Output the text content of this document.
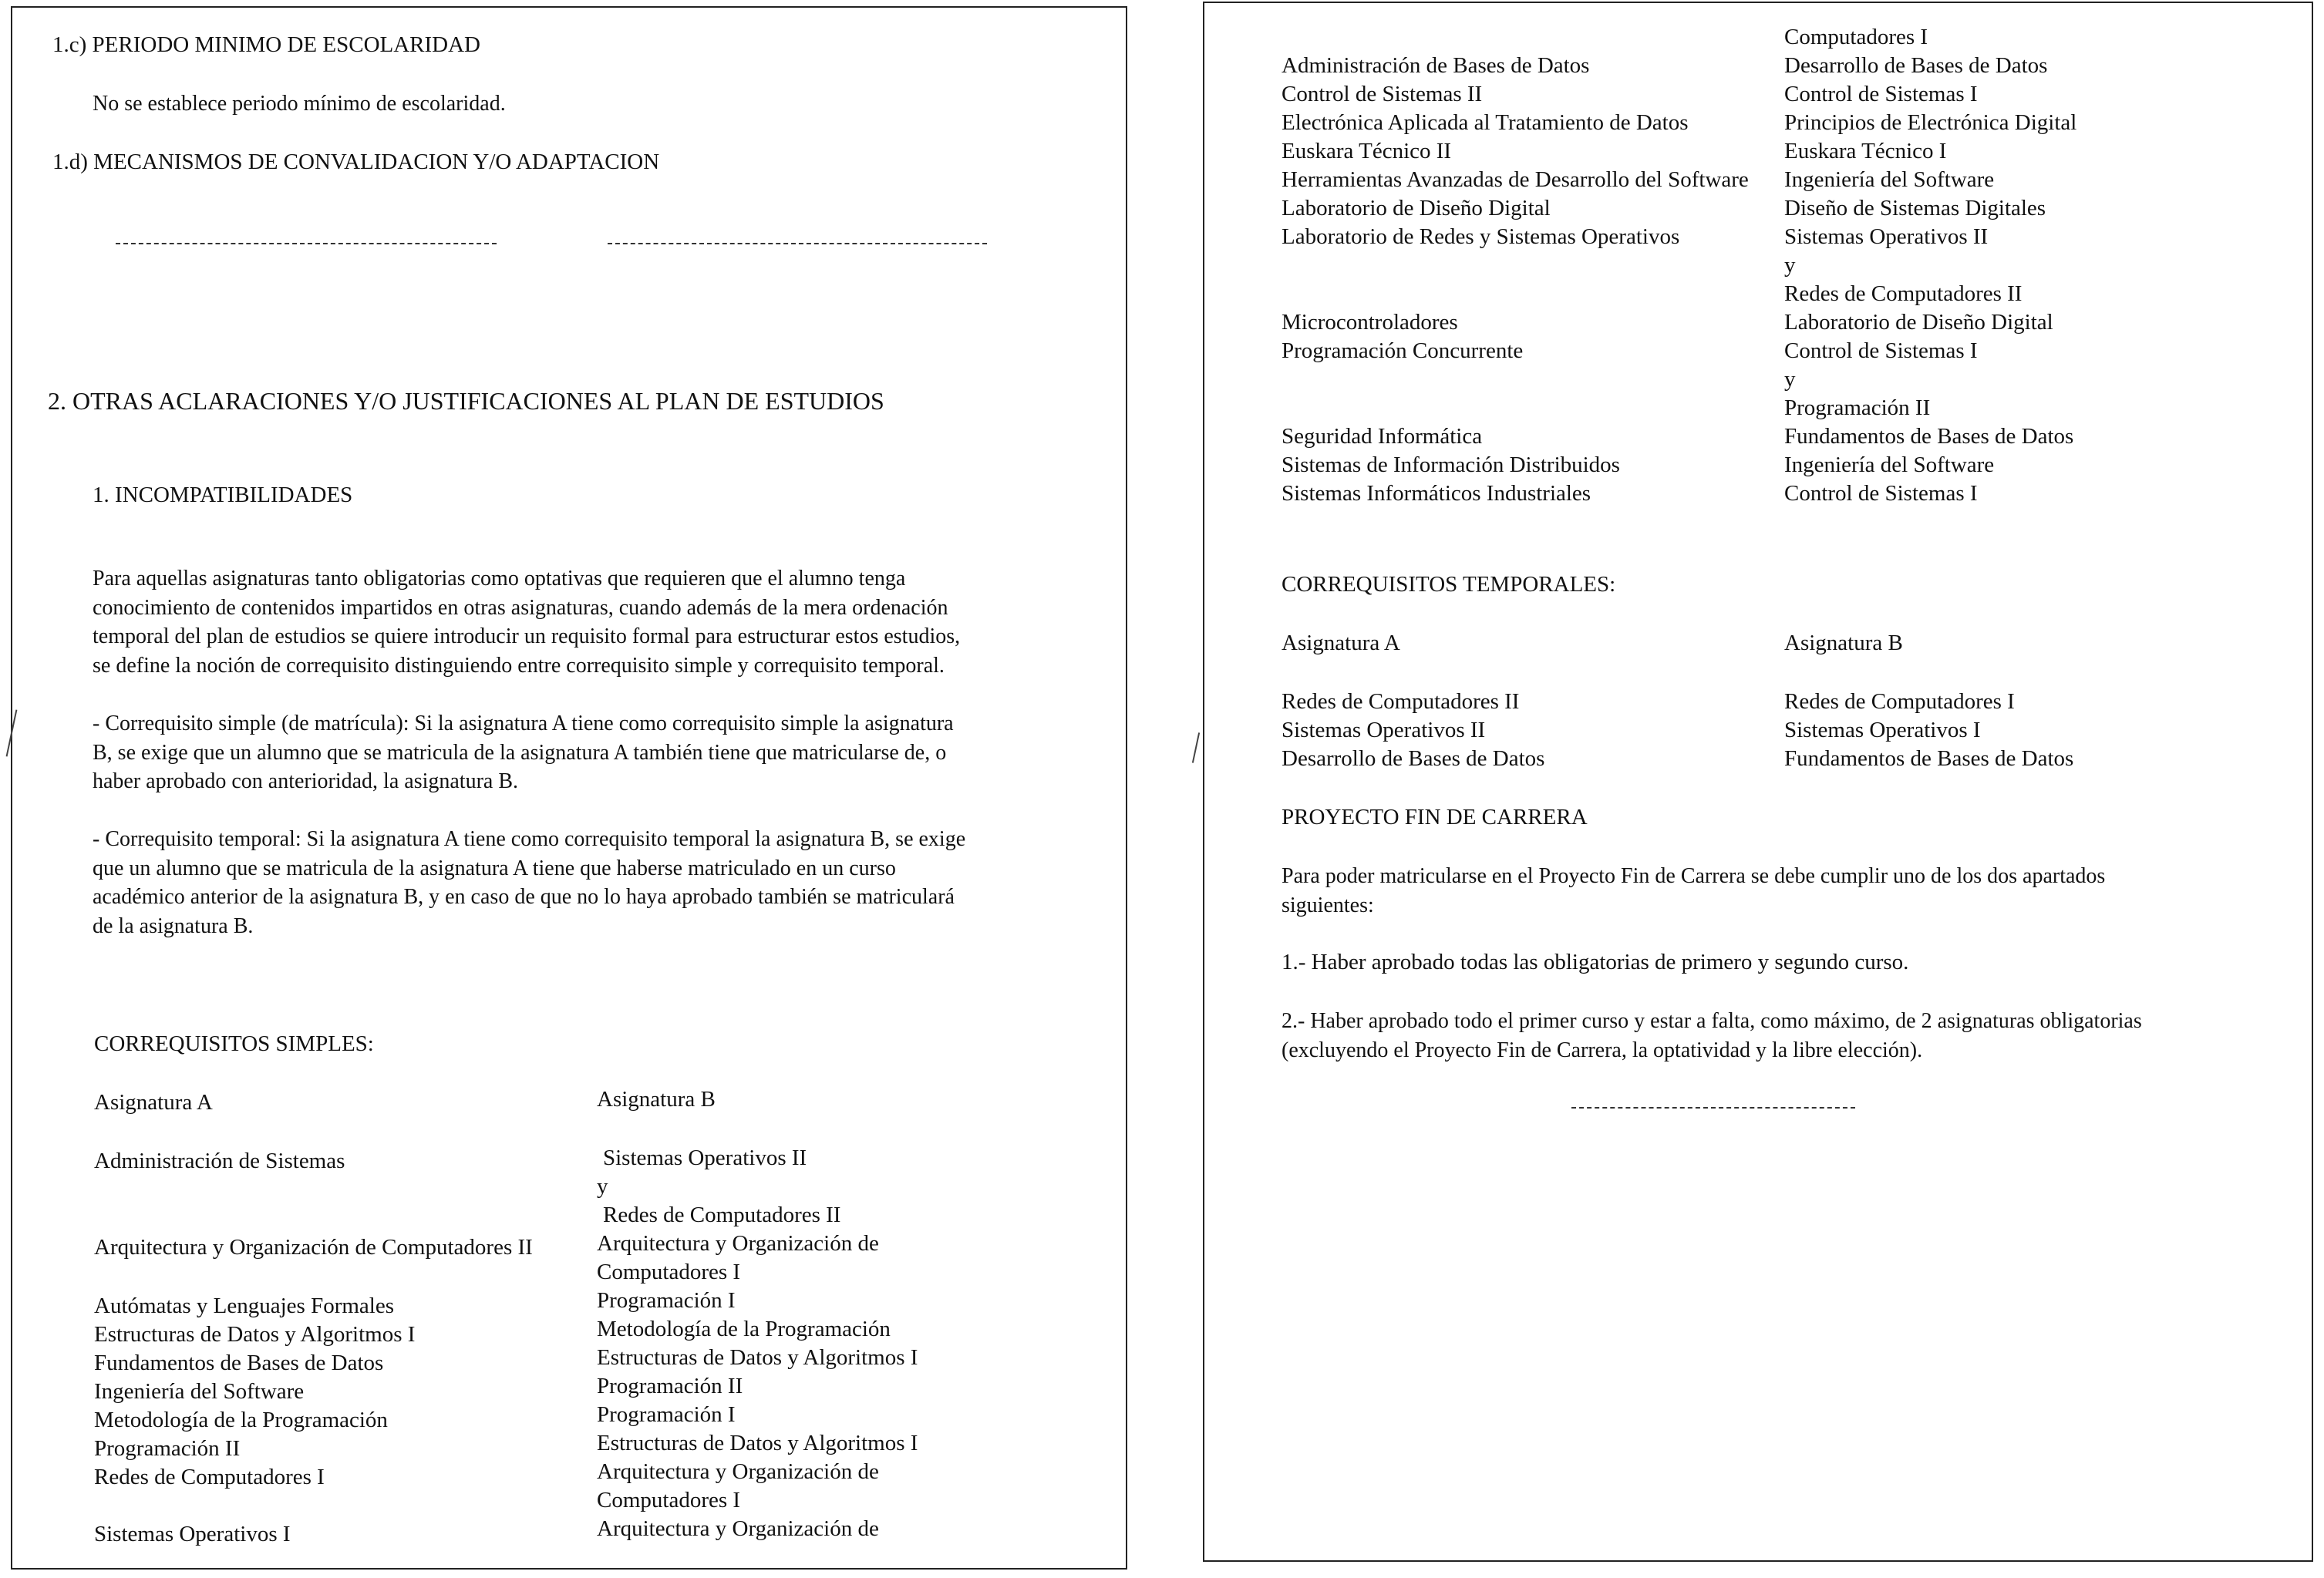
1.c) PERIODO MINIMO DE ESCOLARIDAD
No se establece periodo mínimo de escolaridad.
1.d) MECANISMOS DE CONVALIDACION Y/O ADAPTACION
2. OTRAS ACLARACIONES Y/O JUSTIFICACIONES AL PLAN DE ESTUDIOS
1. INCOMPATIBILIDADES
Para aquellas asignaturas tanto obligatorias como optativas que requieren que el alumno tenga
conocimiento de contenidos impartidos en otras asignaturas, cuando además de la mera ordenación
temporal del plan de estudios se quiere introducir un requisito formal para estructurar estos estudios,
se define la noción de correquisito distinguiendo entre correquisito simple y correquisito temporal.
- Correquisito simple (de matrícula): Si la asignatura A tiene como correquisito simple la asignatura
B, se exige que un alumno que se matricula de la asignatura A también tiene que matricularse de, o
haber aprobado con anterioridad, la asignatura B.
- Correquisito temporal: Si la asignatura A tiene como correquisito temporal la asignatura B, se exige
que un alumno que se matricula de la asignatura A tiene que haberse matriculado en un curso
académico anterior de la asignatura B, y en caso de que no lo haya aprobado también se matriculará
de la asignatura B.
CORREQUISITOS SIMPLES:
Asignatura A	Asignatura B
Administración de Sistemas
Arquitectura y Organización de Computadores II
Autómatas y Lenguajes Formales
Estructuras de Datos y Algoritmos I
Fundamentos de Bases de Datos
Ingeniería del Software
Metodología de la Programación
Programación II
Redes de Computadores I
Sistemas Operativos I
Sistemas Operativos II
y
Redes de Computadores II
Arquitectura y Organización de
Computadores I
Programación I
Metodología de la Programación
Estructuras de Datos y Algoritmos I
Programación II
Programación I
Estructuras de Datos y Algoritmos I
Arquitectura y Organización de
Computadores I
Arquitectura y Organización de
Computadores I
Desarrollo de Bases de Datos
Control de Sistemas I
Principios de Electrónica Digital
Euskara Técnico I
Ingeniería del Software
Diseño de Sistemas Digitales
Sistemas Operativos II
y
Redes de Computadores II
Laboratorio de Diseño Digital
Control de Sistemas I
y
Programación II
Fundamentos de Bases de Datos
Ingeniería del Software
Control de Sistemas I
Administración de Bases de Datos
Control de Sistemas II
Electrónica Aplicada al Tratamiento de Datos
Euskara Técnico II
Herramientas Avanzadas de Desarrollo del Software
Laboratorio de Diseño Digital
Laboratorio de Redes y Sistemas Operativos
Microcontroladores
Programación Concurrente
Seguridad Informática
Sistemas de Información Distribuidos
Sistemas Informáticos Industriales
CORREQUISITOS TEMPORALES:
Asignatura A	Asignatura B
Redes de Computadores II
Sistemas Operativos II
Desarrollo de Bases de Datos
Redes de Computadores I
Sistemas Operativos I
Fundamentos de Bases de Datos
PROYECTO FIN DE CARRERA
Para poder matricularse en el Proyecto Fin de Carrera se debe cumplir uno de los dos apartados
siguientes:
1.- Haber aprobado todas las obligatorias de primero y segundo curso.
2.- Haber aprobado todo el primer curso y estar a falta, como máximo, de 2 asignaturas obligatorias
(excluyendo el Proyecto Fin de Carrera, la optatividad y la libre elección).
